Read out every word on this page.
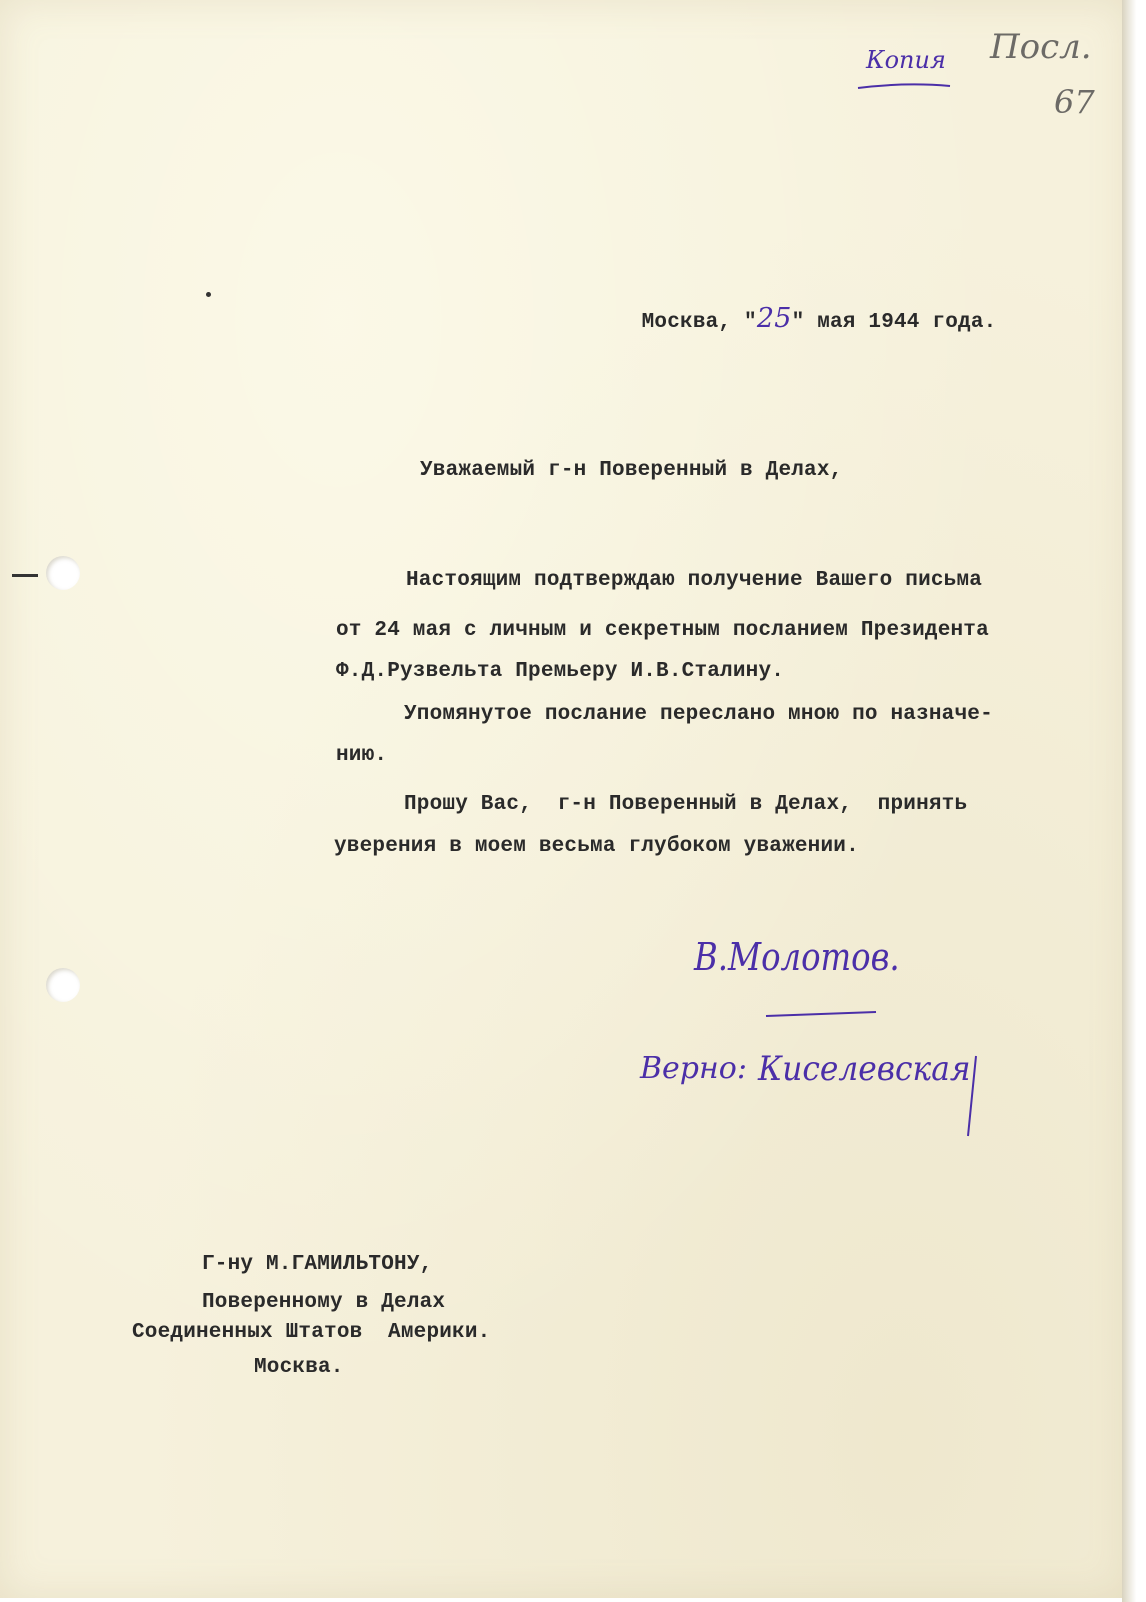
Копия Посл.
67

Москва, "25" мая 1944 года.

Уважаемый г-н Поверенный в Делах,
Настоящим подтверждаю получение Вашего письма
от 24 мая с личным и секретным посланием Президента
Ф.Д.Рузвельта Премьеру И.В.Сталину.
Упомянутое послание переслано мною по назначе-
нию.
Прошу Вас,  г-н Поверенный в Делах,  принять
уверения в моем весьма глубоком уважении.
В.Молотов.
Верно: Киселевская
Г-ну М.ГАМИЛЬТОНУ,
Поверенному в Делах
Соединенных Штатов  Америки.
Москва.
